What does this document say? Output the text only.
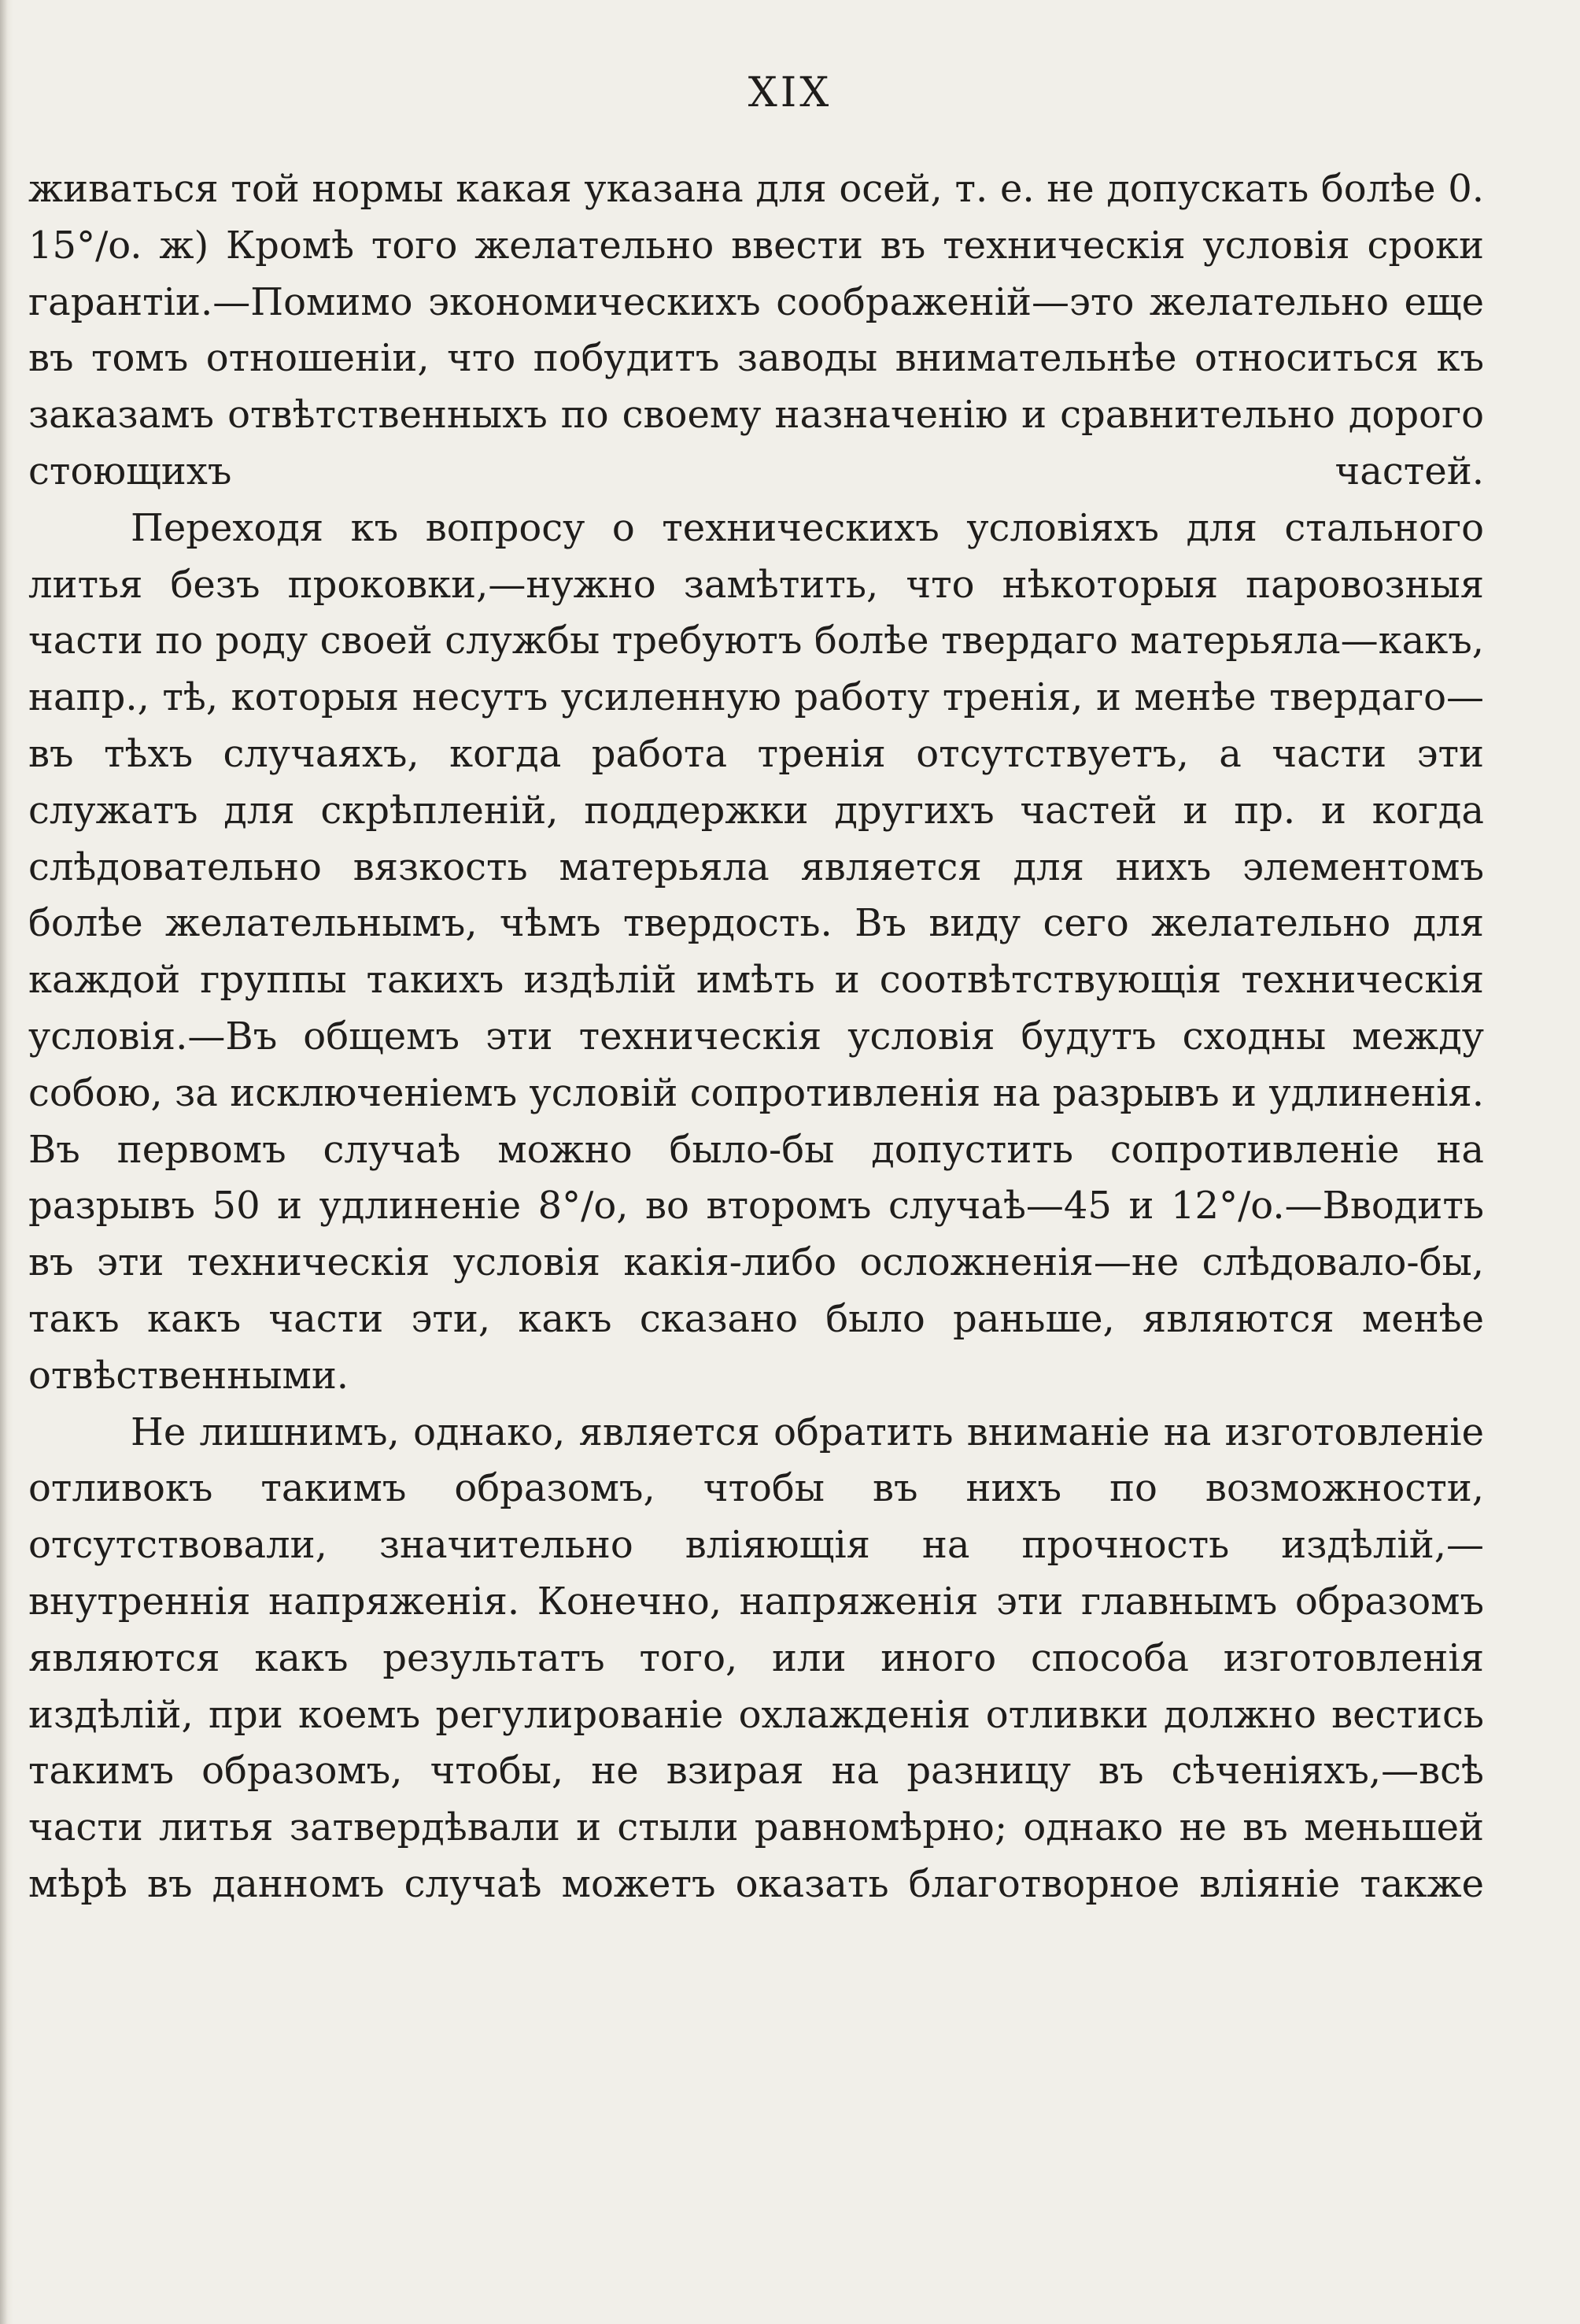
XIX

живаться той нормы какая указана для осей, т. е. не допускать болѣе 0. 15°/o. ж) Кромѣ того желательно ввести въ техническія условія сроки гарантіи.—Помимо экономическихъ соображеній—это желательно еще въ томъ отношеніи, что побудитъ заводы внимательнѣе относиться къ заказамъ отвѣтственныхъ по своему назначенію и сравнительно дорого стоющихъ частей.

Переходя къ вопросу о техническихъ условіяхъ для стального литья безъ проковки,—нужно замѣтить, что нѣкоторыя паровозныя части по роду своей службы требуютъ болѣе твердаго матерьяла—какъ, напр., тѣ, которыя несутъ усиленную работу тренія, и менѣе твердаго—въ тѣхъ случаяхъ, когда работа тренія отсутствуетъ, а части эти служатъ для скрѣпленій, поддержки другихъ частей и пр. и когда слѣдовательно вязкость матерьяла является для нихъ элементомъ болѣе желательнымъ, чѣмъ твердость. Въ виду сего желательно для каждой группы такихъ издѣлій имѣть и соотвѣтствующія техническія условія.—Въ общемъ эти техническія условія будутъ сходны между собою, за исключеніемъ условій сопротивленія на разрывъ и удлиненія. Въ первомъ случаѣ можно было-бы допустить сопротивленіе на разрывъ 50 и удлиненіе 8°/o, во второмъ случаѣ—45 и 12°/o.—Вводить въ эти техническія условія какія-либо осложненія—не слѣдовало-бы, такъ какъ части эти, какъ сказано было раньше, являются менѣе отвѣственными.

Не лишнимъ, однако, является обратить вниманіе на изготовленіе отливокъ такимъ образомъ, чтобы въ нихъ по возможности, отсутствовали, значительно вліяющія на прочность издѣлій,—внутреннія напряженія. Конечно, напряженія эти главнымъ образомъ являются какъ результатъ того, или иного способа изготовленія издѣлій, при коемъ регулированіе охлажденія отливки должно вестись такимъ образомъ, чтобы, не взирая на разницу въ сѣченіяхъ,—всѣ части литья затвердѣвали и стыли равномѣрно; однако не въ меньшей мѣрѣ въ данномъ случаѣ можетъ оказать благотворное вліяніе также
